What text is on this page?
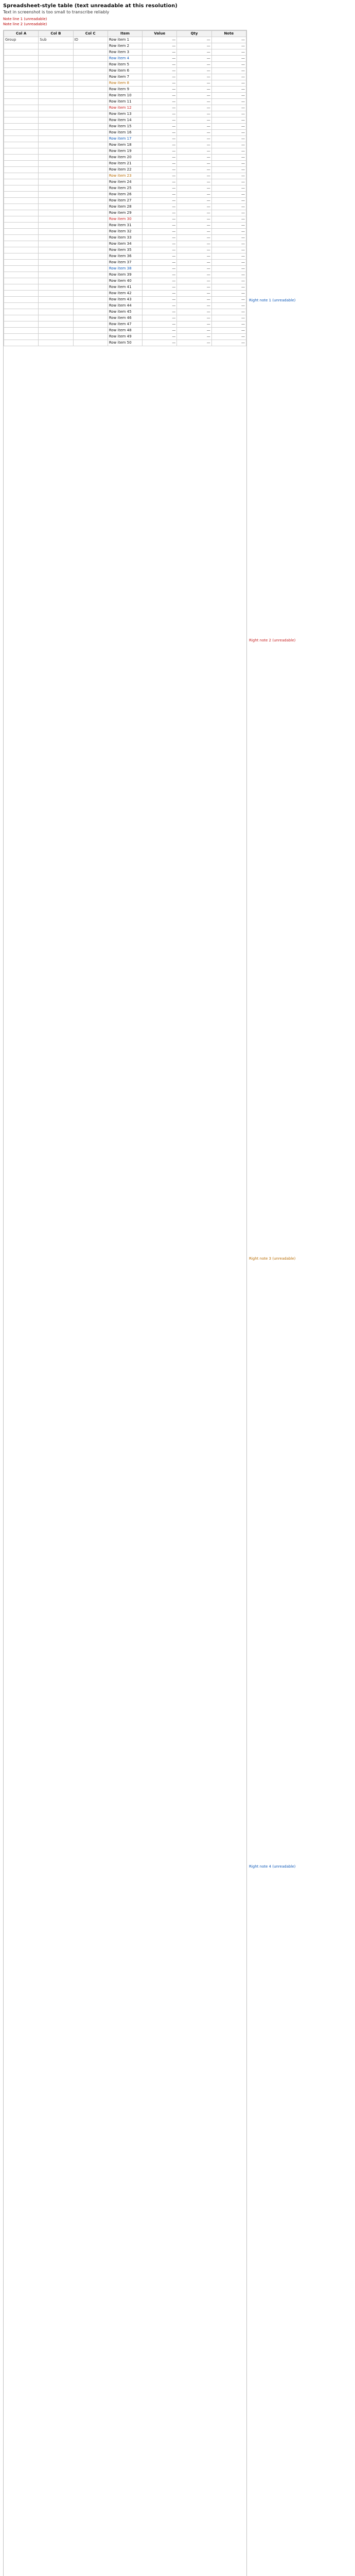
Spreadsheet-style table (text unreadable at this resolution)
Text in screenshot is too small to transcribe reliably
Note line 1 (unreadable)
Note line 2 (unreadable)
Col A	Col B	Col C	Item	Value	Qty	Note
Group	Sub	ID	Row item 1	—	—	—
			Row item 2	—	—	—
			Row item 3	—	—	—
			Row item 4	—	—	—
			Row item 5	—	—	—
			Row item 6	—	—	—
			Row item 7	—	—	—
			Row item 8	—	—	—
			Row item 9	—	—	—
			Row item 10	—	—	—
			Row item 11	—	—	—
			Row item 12	—	—	—
			Row item 13	—	—	—
			Row item 14	—	—	—
			Row item 15	—	—	—
			Row item 16	—	—	—
			Row item 17	—	—	—
			Row item 18	—	—	—
			Row item 19	—	—	—
			Row item 20	—	—	—
			Row item 21	—	—	—
			Row item 22	—	—	—
			Row item 23	—	—	—
			Row item 24	—	—	—
			Row item 25	—	—	—
			Row item 26	—	—	—
			Row item 27	—	—	—
			Row item 28	—	—	—
			Row item 29	—	—	—
			Row item 30	—	—	—
			Row item 31	—	—	—
			Row item 32	—	—	—
			Row item 33	—	—	—
			Row item 34	—	—	—
			Row item 35	—	—	—
			Row item 36	—	—	—
			Row item 37	—	—	—
			Row item 38	—	—	—
			Row item 39	—	—	—
			Row item 40	—	—	—
			Row item 41	—	—	—
			Row item 42	—	—	—
			Row item 43	—	—	—
			Row item 44	—	—	—
			Row item 45	—	—	—
			Row item 46	—	—	—
			Row item 47	—	—	—
			Row item 48	—	—	—
			Row item 49	—	—	—
			Row item 50	—	—	—
Right note 1 (unreadable)
Right note 2 (unreadable)
Right note 3 (unreadable)
Right note 4 (unreadable)
